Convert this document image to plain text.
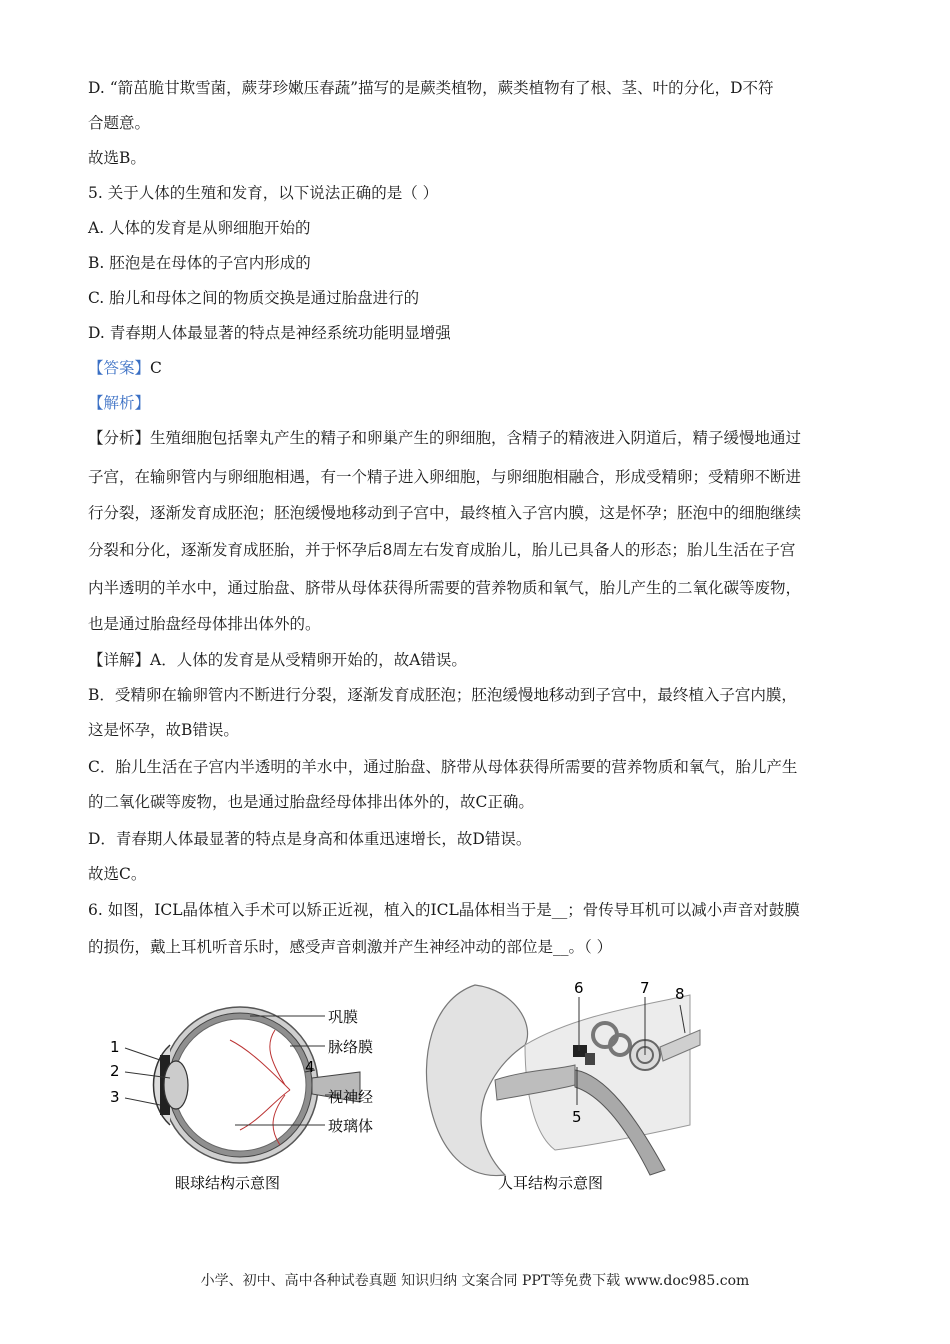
D. “箭茁脆甘欺雪菌，蕨芽珍嫩压春蔬”描写的是蕨类植物，蕨类植物有了根、茎、叶的分化，D不符
合题意。
故选B。
5. 关于人体的生殖和发育，以下说法正确的是（ ）
A. 人体的发育是从卵细胞开始的
B. 胚泡是在母体的子宫内形成的
C. 胎儿和母体之间的物质交换是通过胎盘进行的
D. 青春期人体最显著的特点是神经系统功能明显增强
【答案】C
【解析】
【分析】生殖细胞包括睾丸产生的精子和卵巢产生的卵细胞，含精子的精液进入阴道后，精子缓慢地通过
子宫，在输卵管内与卵细胞相遇，有一个精子进入卵细胞，与卵细胞相融合，形成受精卵；受精卵不断进
行分裂，逐渐发育成胚泡；胚泡缓慢地移动到子宫中，最终植入子宫内膜，这是怀孕；胚泡中的细胞继续
分裂和分化，逐渐发育成胚胎，并于怀孕后8周左右发育成胎儿，胎儿已具备人的形态；胎儿生活在子宫
内半透明的羊水中，通过胎盘、脐带从母体获得所需要的营养物质和氧气，胎儿产生的二氧化碳等废物，
也是通过胎盘经母体排出体外的。
【详解】A．人体的发育是从受精卵开始的，故A错误。
B．受精卵在输卵管内不断进行分裂，逐渐发育成胚泡；胚泡缓慢地移动到子宫中，最终植入子宫内膜，
这是怀孕，故B错误。
C．胎儿生活在子宫内半透明的羊水中，通过胎盘、脐带从母体获得所需要的营养物质和氧气，胎儿产生
的二氧化碳等废物，也是通过胎盘经母体排出体外的，故C正确。
D．青春期人体最显著的特点是身高和体重迅速增长，故D错误。
故选C。
6. 如图，ICL晶体植入手术可以矫正近视，植入的ICL晶体相当于是__；骨传导耳机可以减小声音对鼓膜
的损伤，戴上耳机听音乐时，感受声音刺激并产生神经冲动的部位是__。（ ）
1
2
3
巩膜
脉络膜
4
视神经
玻璃体
眼球结构示意图
6	7 8
5
人耳结构示意图
小学、初中、高中各种试卷真题 知识归纳 文案合同 PPT等免费下载 www.doc985.com
